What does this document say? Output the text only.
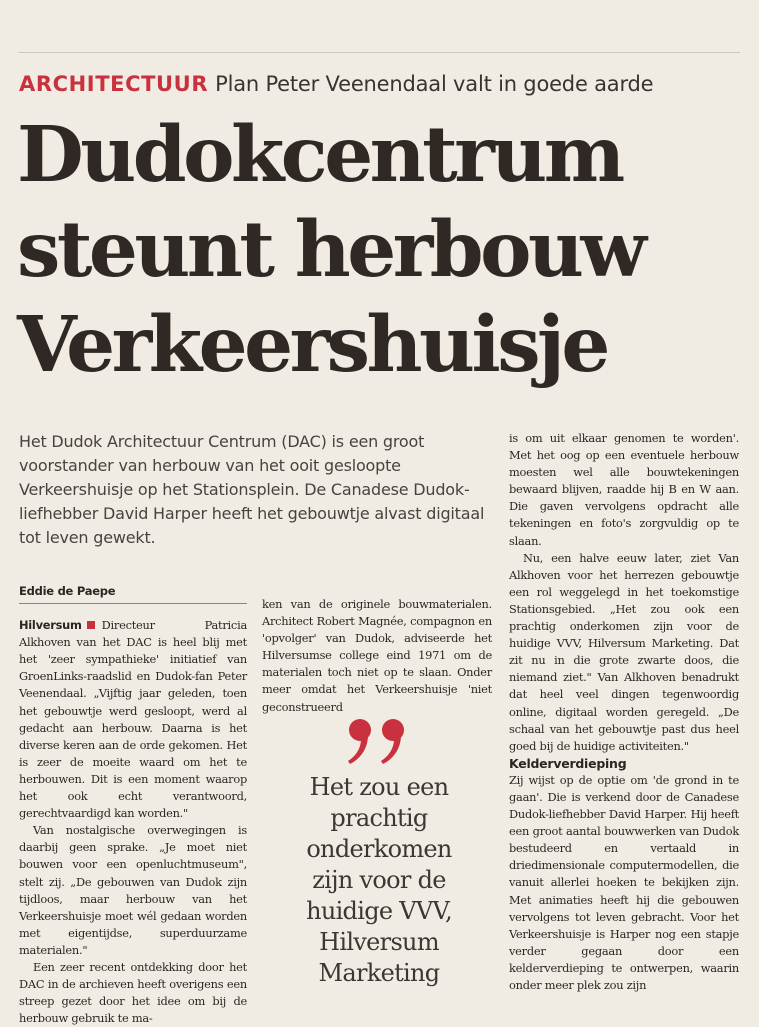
ARCHITECTUUR Plan Peter Veenendaal valt in goede aarde
Dudokcentrum
steunt herbouw
Verkeershuisje
Het Dudok Architectuur Centrum (DAC) is een groot voorstander van herbouw van het ooit gesloopte Verkeershuisje op het Stationsplein. De Canadese Dudok-liefhebber David Harper heeft het gebouwtje alvast digitaal tot leven gewekt.
Eddie de Paepe

Hilversum Directeur Patricia Alkhoven van het DAC is heel blij met het 'zeer sympathieke' initiatief van GroenLinks-raadslid en Dudok-fan Peter Veenendaal. „Vijftig jaar geleden, toen het gebouwtje werd gesloopt, werd al gedacht aan herbouw. Daarna is het diverse keren aan de orde gekomen. Het is zeer de moeite waard om het te herbouwen. Dit is een moment waarop het ook echt verantwoord, gerechtvaardigd kan worden."

Van nostalgische overwegingen is daarbij geen sprake. „Je moet niet bouwen voor een openluchtmuseum", stelt zij. „De gebouwen van Dudok zijn tijdloos, maar herbouw van het Verkeershuisje moet wél gedaan worden met eigentijdse, superduurzame materialen."

Een zeer recent ontdekking door het DAC in de archieven heeft overigens een streep gezet door het idee om bij de herbouw gebruik te ma-

ken van de originele bouwmaterialen. Architect Robert Magnée, compagnon en 'opvolger' van Dudok, adviseerde het Hilversumse college eind 1971 om de materialen toch niet op te slaan. Onder meer omdat het Verkeershuisje 'niet geconstrueerd

Het zou een
prachtig
onderkomen
zijn voor de
huidige VVV,
Hilversum
Marketing

is om uit elkaar genomen te worden'. Met het oog op een eventuele herbouw moesten wel alle bouwtekeningen bewaard blijven, raadde hij B en W aan. Die gaven vervolgens opdracht alle tekeningen en foto's zorgvuldig op te slaan.

Nu, een halve eeuw later, ziet Van Alkhoven voor het herrezen gebouwtje een rol weggelegd in het toekomstige Stationsgebied. „Het zou ook een prachtig onderkomen zijn voor de huidige VVV, Hilversum Marketing. Dat zit nu in die grote zwarte doos, die niemand ziet." Van Alkhoven benadrukt dat heel veel dingen tegenwoordig online, digitaal worden geregeld. „De schaal van het gebouwtje past dus heel goed bij de huidige activiteiten."

Kelderverdieping

Zij wijst op de optie om 'de grond in te gaan'. Die is verkend door de Canadese Dudok-liefhebber David Harper. Hij heeft een groot aantal bouwwerken van Dudok bestudeerd en vertaald in driedimensionale computermodellen, die vanuit allerlei hoeken te bekijken zijn. Met animaties heeft hij die gebouwen vervolgens tot leven gebracht. Voor het Verkeershuisje is Harper nog een stapje verder gegaan door een kelderverdieping te ontwerpen, waarin onder meer plek zou zijn
